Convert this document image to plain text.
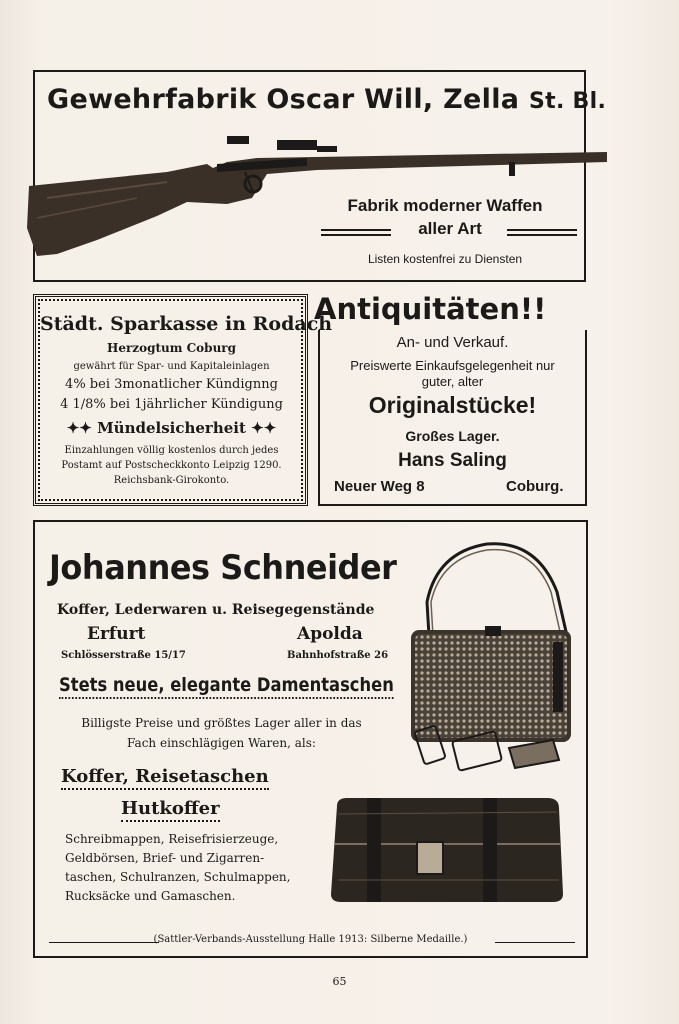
Gewehrfabrik Oscar Will, Zella St. Bl.
Fabrik moderner Waffen
aller Art
Listen kostenfrei zu Diensten
Städt. Sparkasse in Rodach
Herzogtum Coburg
gewährt für Spar- und Kapitaleinlagen
4% bei 3monatlicher Kündignng
4 1/8% bei 1jährlicher Kündigung
✦✦ Mündelsicherheit ✦✦
Einzahlungen völlig kostenlos durch jedes
Postamt auf Postscheckkonto Leipzig 1290.
Reichsbank-Girokonto.
Antiquitäten!!
An- und Verkauf.
Preiswerte Einkaufsgelegenheit nur
guter, alter
Originalstücke!
Großes Lager.
Hans Saling
Neuer Weg 8	Coburg.
Johannes Schneider
Koffer, Lederwaren u. Reisegegenstände
Erfurt
Schlösserstraße 15/17
Apolda
Bahnhofstraße 26
Stets neue, elegante Damentaschen
Billigste Preise und größtes Lager aller in das
Fach einschlägigen Waren, als:
Koffer, Reisetaschen
Hutkoffer
Schreibmappen, Reisefrisierzeuge,
Geldbörsen, Brief- und Zigarren-
taschen, Schulranzen, Schulmappen,
Rucksäcke und Gamaschen.
(Sattler-Verbands-Ausstellung Halle 1913: Silberne Medaille.)
65
